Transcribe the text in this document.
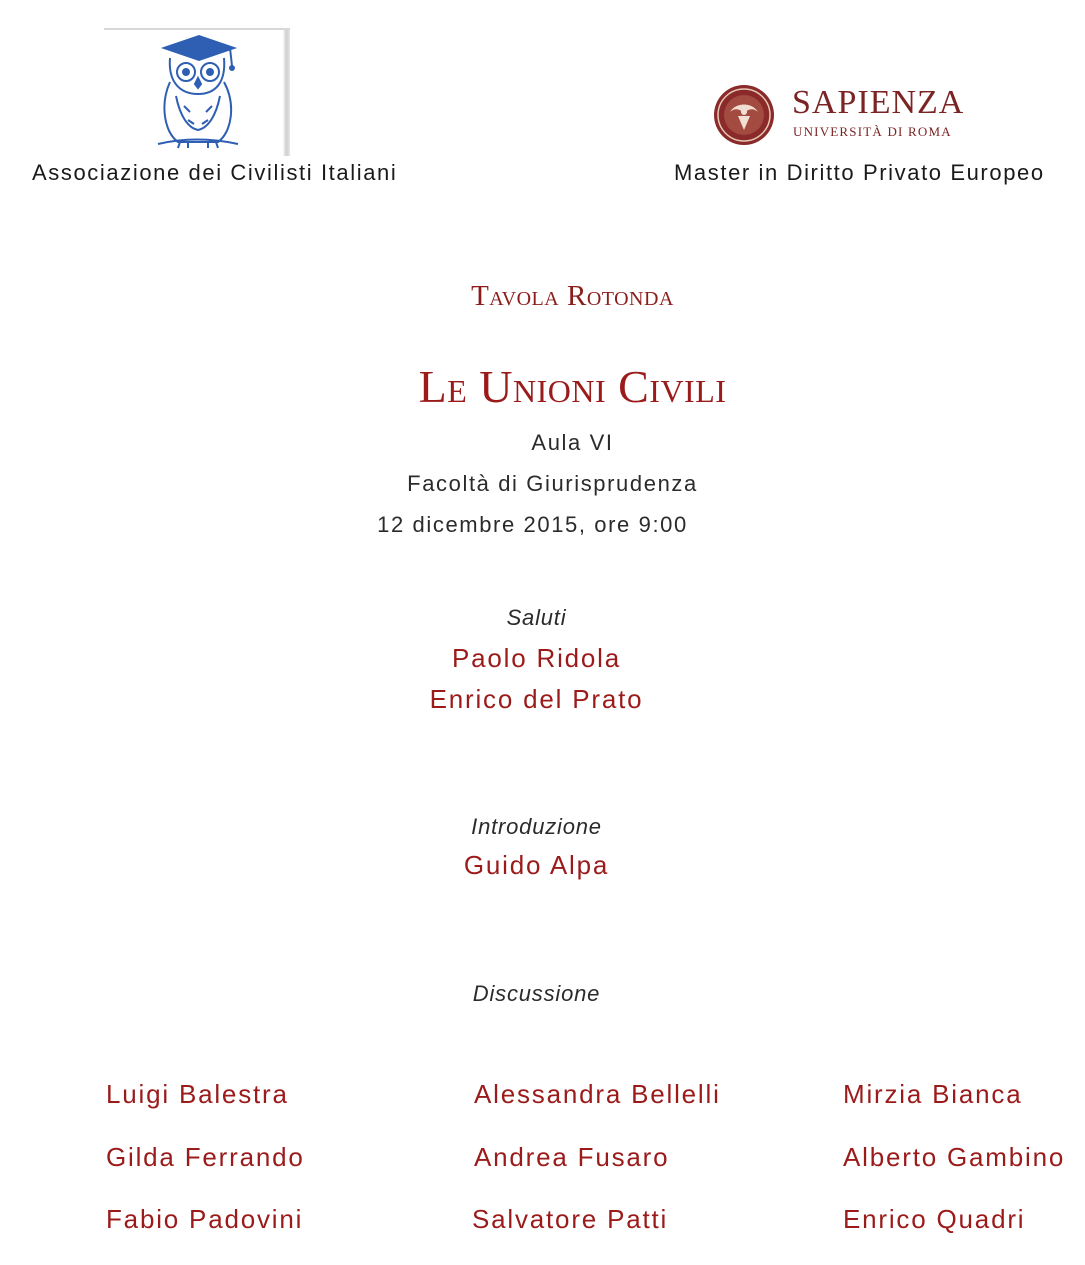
Associazione dei Civilisti Italiani
SAPIENZA
UNIVERSITÀ DI ROMA
Master in Diritto Privato Europeo
Tavola Rotonda
Le Unioni Civili
Aula VI
Facoltà di Giurisprudenza
12 dicembre 2015, ore 9:00
Saluti
Paolo Ridola
Enrico del Prato
Introduzione
Guido Alpa
Discussione
Luigi Balestra	Alessandra Bellelli	Mirzia Bianca
Gilda Ferrando	Andrea Fusaro	Alberto Gambino
Fabio Padovini	Salvatore Patti	Enrico Quadri
